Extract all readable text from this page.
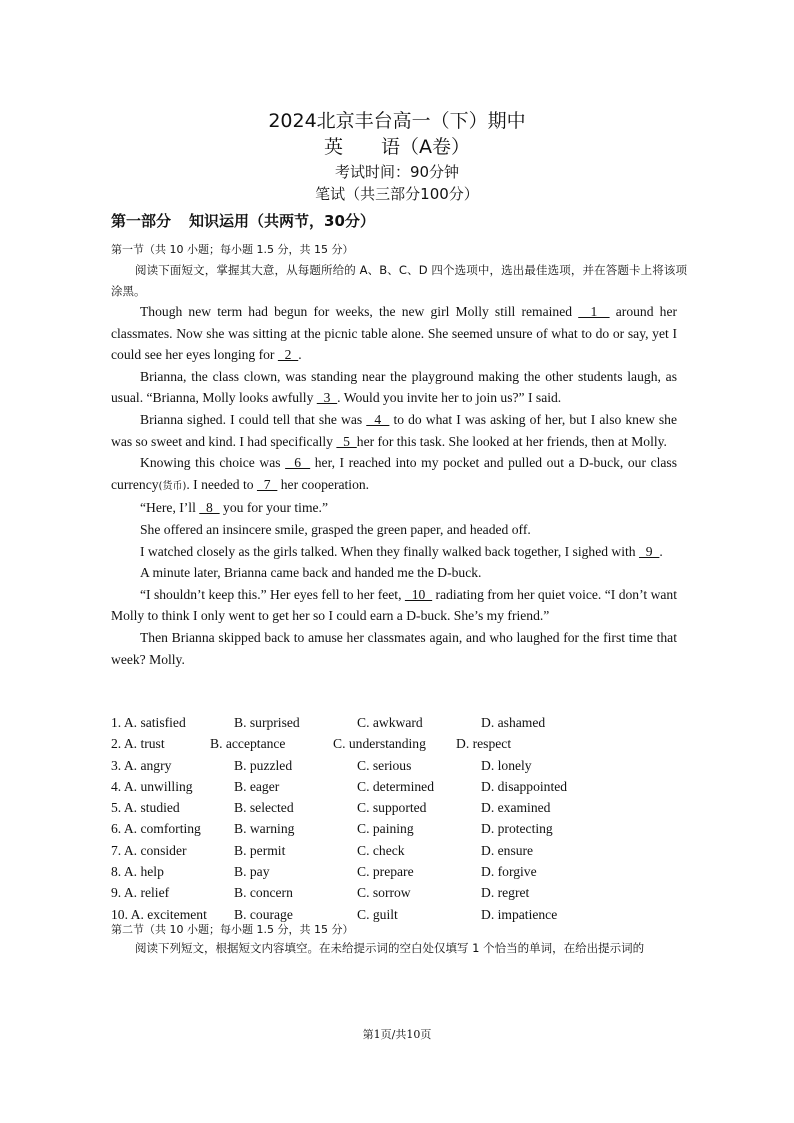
2024北京丰台高一（下）期中
英　　语（A卷）
考试时间：90分钟
笔试（共三部分100分）
第一部分 知识运用（共两节，30分）
第一节（共 10 小题；每小题 1.5 分，共 15 分）
阅读下面短文，掌握其大意，从每题所给的 A、B、C、D 四个选项中，选出最佳选项，并在答题卡上将该项涂黑。

Though new term had begun for weeks, the new girl Molly still remained   1   around her classmates. Now she was sitting at the picnic table alone. She seemed unsure of what to do or say, yet I could see her eyes longing for   2  .

Brianna, the class clown, was standing near the playground making the other students laugh, as usual. “Brianna, Molly looks awfully   3  . Would you invite her to join us?” I said.

Brianna sighed. I could tell that she was   4   to do what I was asking of her, but I also knew she was so sweet and kind. I had specifically   5  her for this task. She looked at her friends, then at Molly.

Knowing this choice was   6   her, I reached into my pocket and pulled out a D-buck, our class currency(货币). I needed to   7   her cooperation.

“Here, I’ll   8   you for your time.”

She offered an insincere smile, grasped the green paper, and headed off.

I watched closely as the girls talked. When they finally walked back together, I sighed with   9  .

A minute later, Brianna came back and handed me the D-buck.

“I shouldn’t keep this.” Her eyes fell to her feet,   10   radiating from her quiet voice. “I don’t want Molly to think I only went to get her so I could earn a D-buck. She’s my friend.”

Then Brianna skipped back to amuse her classmates again, and who laughed for the first time that week? Molly.

1. A. satisfied	B. surprised	C. awkward	D. ashamed
2. A. trust	B. acceptance	C. understanding D. respect
3. A. angry	B. puzzled	C. serious	D. lonely
4. A. unwilling	B. eager	C. determined	D. disappointed
5. A. studied	B. selected	C. supported	D. examined
6. A. comforting B. warning	C. paining	D. protecting
7. A. consider	B. permit	C. check	D. ensure
8. A. help	B. pay	C. prepare	D. forgive
9. A. relief	B. concern	C. sorrow	D. regret
10. A. excitement B. courage	C. guilt	D. impatience
第二节（共 10 小题；每小题 1.5 分，共 15 分）
阅读下列短文，根据短文内容填空。在未给提示词的空白处仅填写 1 个恰当的单词，在给出提示词的
第1页/共10页
